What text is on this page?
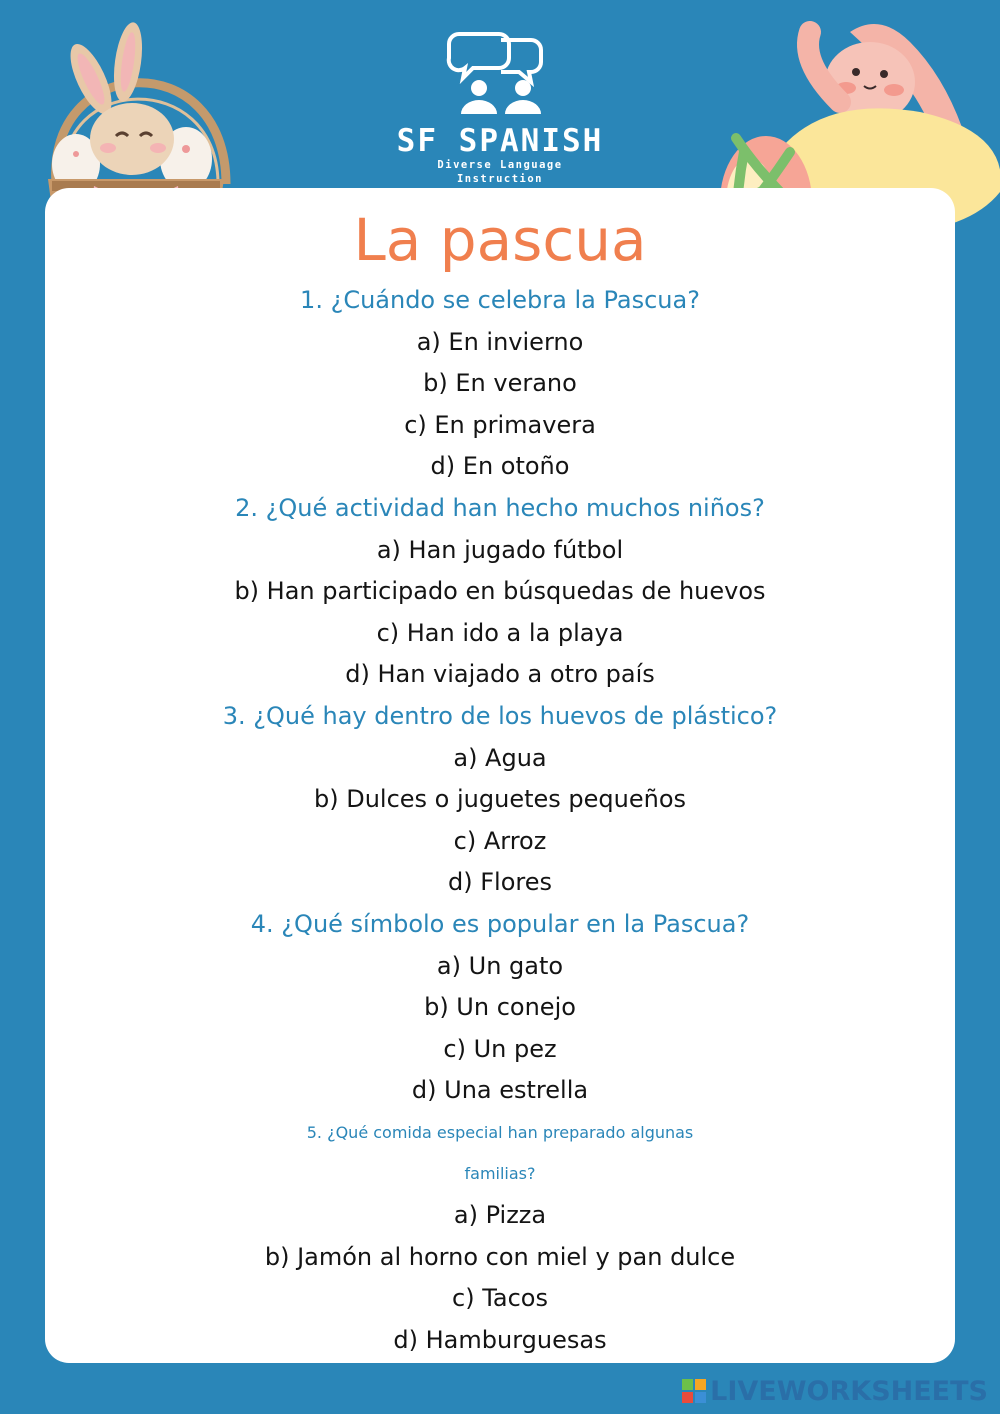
SF SPANISH
Diverse Language Instruction
La pascua
1. ¿Cuándo se celebra la Pascua?
a) En invierno
b) En verano
c) En primavera
d) En otoño
2. ¿Qué actividad han hecho muchos niños?
a) Han jugado fútbol
b) Han participado en búsquedas de huevos
c) Han ido a la playa
d) Han viajado a otro país
3. ¿Qué hay dentro de los huevos de plástico?
a) Agua
b) Dulces o juguetes pequeños
c) Arroz
d) Flores
4. ¿Qué símbolo es popular en la Pascua?
a) Un gato
b) Un conejo
c) Un pez
d) Una estrella
5. ¿Qué comida especial han preparado algunas
familias?
a) Pizza
b) Jamón al horno con miel y pan dulce
c) Tacos
d) Hamburguesas
LIVEWORKSHEETS
